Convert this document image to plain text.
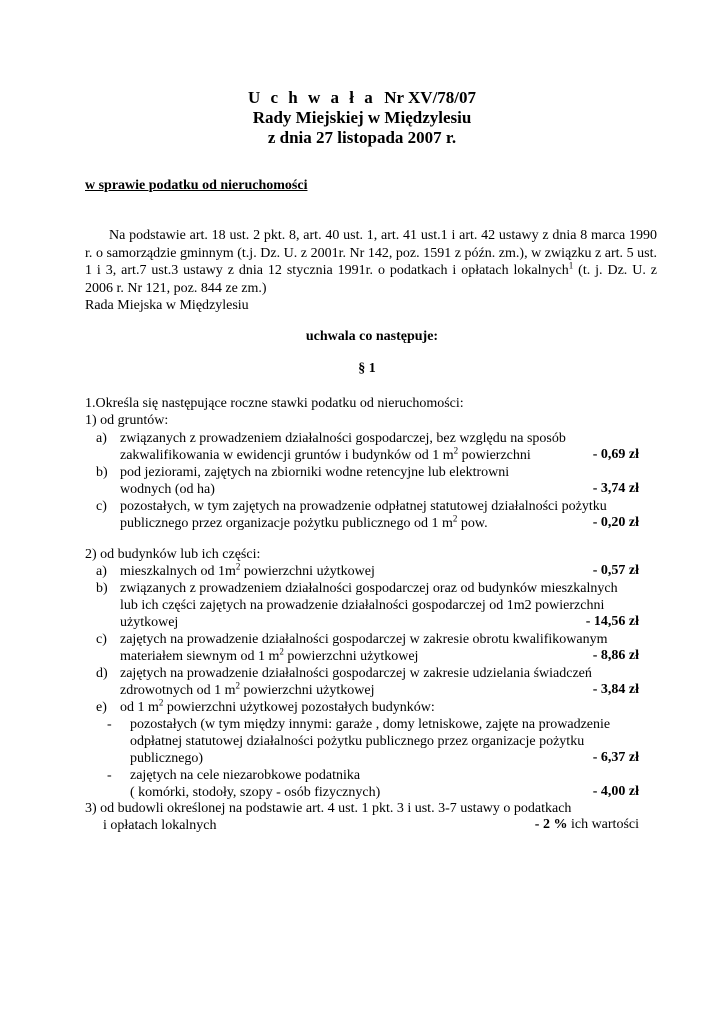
U c h w a ł a Nr XV/78/07
Rady Miejskiej w Międzylesiu
z dnia 27 listopada 2007 r.
w sprawie podatku od nieruchomości
Na podstawie art. 18 ust. 2 pkt. 8, art. 40 ust. 1, art. 41 ust.1 i art. 42 ustawy z dnia 8 marca 1990 r. o samorządzie gminnym (t.j. Dz. U. z 2001r. Nr 142, poz. 1591 z późn. zm.), w związku z art. 5 ust. 1 i 3, art.7 ust.3 ustawy z dnia 12 stycznia 1991r. o podatkach i opłatach lokalnych$^1$ (t. j. Dz. U. z 2006 r. Nr 121, poz. 844 ze zm.)
Rada Miejska w Międzylesiu
uchwala co następuje:
§ 1
1.Określa się następujące roczne stawki podatku od nieruchomości:
1) od gruntów:
a) związanych z prowadzeniem działalności gospodarczej, bez względu na sposób
zakwalifikowania w ewidencji gruntów i budynków od 1 $m^2$ powierzchni	- 0,69 zł
b) pod jeziorami, zajętych na zbiorniki wodne retencyjne lub elektrowni
wodnych (od ha)	- 3,74 zł
c) pozostałych, w tym zajętych na prowadzenie odpłatnej statutowej działalności pożytku
publicznego przez organizacje pożytku publicznego od 1 $m^2$ pow.	- 0,20 zł
2) od budynków lub ich części:
a) mieszkalnych od $1m^2$ powierzchni użytkowej	- 0,57 zł
b) związanych z prowadzeniem działalności gospodarczej oraz od budynków mieszkalnych
lub ich części zajętych na prowadzenie działalności gospodarczej od 1m2 powierzchni
użytkowej	- 14,56 zł
c) zajętych na prowadzenie działalności gospodarczej w zakresie obrotu kwalifikowanym
materiałem siewnym od 1 $m^2$ powierzchni użytkowej	- 8,86 zł
d) zajętych na prowadzenie działalności gospodarczej w zakresie udzielania świadczeń
zdrowotnych od 1 $m^2$ powierzchni użytkowej	- 3,84 zł
e) od 1 $m^2$ powierzchni użytkowej pozostałych budynków:
- pozostałych (w tym między innymi: garaże , domy letniskowe, zajęte na prowadzenie
odpłatnej statutowej działalności pożytku publicznego przez organizacje pożytku
publicznego)	- 6,37 zł
- zajętych na cele niezarobkowe podatnika
( komórki, stodoły, szopy - osób fizycznych)	- 4,00 zł
3) od budowli określonej na podstawie art. 4 ust. 1 pkt. 3 i ust. 3-7 ustawy o podatkach
i opłatach lokalnych	- 2 % ich wartości
